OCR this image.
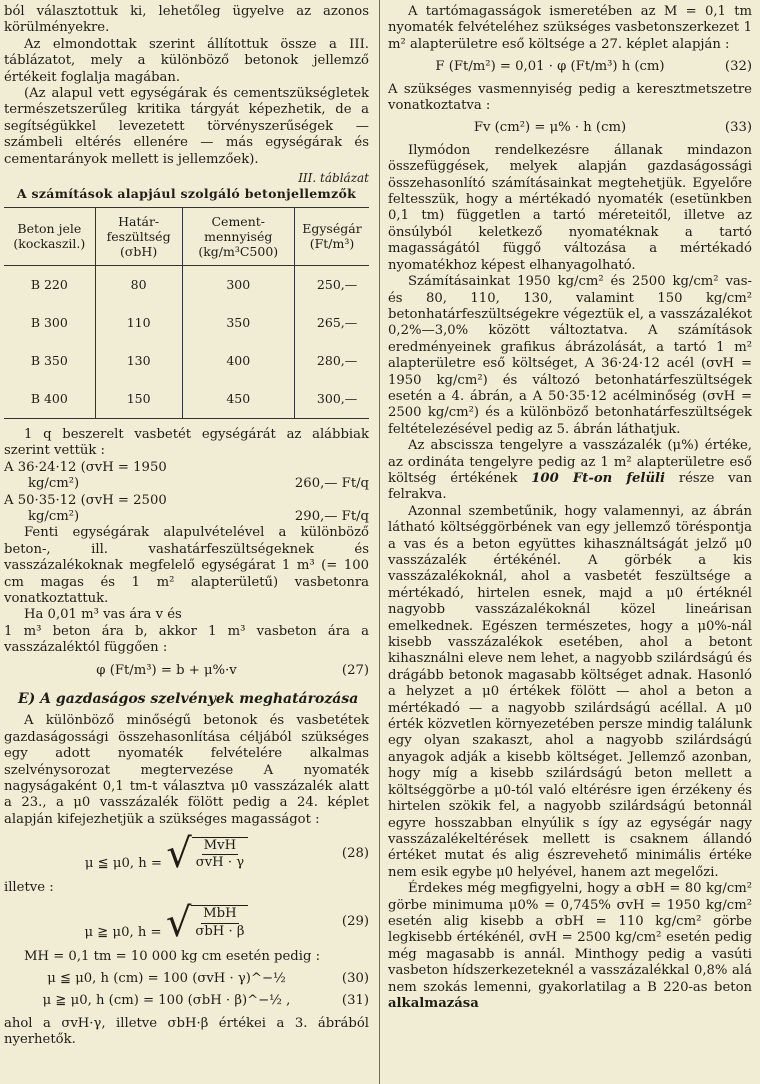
ból választottuk ki, lehetőleg ügyelve az azonos körülményekre.

Az elmondottak szerint állítottuk össze a III. táblázatot, mely a különböző betonok jellemző értékeit foglalja magában.

(Az alapul vett egységárak és cementszükségletek természetszerűleg kritika tárgyát képezhetik, de a segítségükkel levezetett törvényszerűségek — számbeli eltérés ellenére — más egységárak és cementarányok mellett is jellemzőek).

III. táblázat
A számítások alapjául szolgáló betonjellemzők
Beton jele (kockaszil.)	Határ-feszültség (σbH)	Cement-mennyiség (kg/m³C500)	Egységár (Ft/m³)
B 220	80	300	250,—
B 300	110	350	265,—
B 350	130	400	280,—
B 400	150	450	300,—

1 q beszerelt vasbetét egységárát az alábbiak szerint vettük :

A 36·24·12 (σvH = 1950
kg/cm²)	260,— Ft/q
A 50·35·12 (σvH = 2500
kg/cm²)	290,— Ft/q

Fenti egységárak alapulvételével a különböző beton-, ill. vashatárfeszültségeknek és vasszázalékoknak megfelelő egységárat 1 m³ (= 100 cm magas és 1 m² alapterületű) vasbetonra vonatkoztattuk.

Ha 0,01 m³ vas ára v és

1 m³ beton ára b, akkor 1 m³ vasbeton ára a vasszázaléktól függően :

φ (Ft/m³) = b + μ%·v	(27)
E) A gazdaságos szelvények meghatározása

A különböző minőségű betonok és vasbetétek gazdaságossági összehasonlítása céljából szükséges egy adott nyomaték felvételére alkalmas szelvénysorozat megtervezése A nyomaték nagyságaként 0,1 tm-t választva μ0 vasszázalék alatt a 23., a μ0 vasszázalék fölött pedig a 24. képlet alapján kifejezhetjük a szükséges magasságot :

μ ≦ μ0, h = √ $\frac{\text{MvH}}{\text{σvH · γ}}$	(28)

illetve :

μ ≧ μ0, h = √ $\frac{\text{MbH}}{\text{σbH · β}}$	(29)

MH = 0,1 tm = 10 000 kg cm esetén pedig :

μ ≦ μ0, h (cm) = 100 (σvH · γ)^−½	(30)
μ ≧ μ0, h (cm) = 100 (σbH · β)^−½ ,	(31)

ahol a σvH·γ, illetve σbH·β értékei a 3. ábrából nyerhetők.

A tartómagasságok ismeretében az M = 0,1 tm nyomaték felvételéhez szükséges vasbetonszerkezet 1 m² alapterületre eső költsége a 27. képlet alapján :

F (Ft/m²) = 0,01 · φ (Ft/m³) h (cm)	(32)

A szükséges vasmennyiség pedig a keresztmetszetre vonatkoztatva :

Fv (cm²) = μ% · h (cm)	(33)

Ilymódon rendelkezésre állanak mindazon összefüggések, melyek alapján gazdaságossági összehasonlító számításainkat megtehetjük. Egyelőre feltesszük, hogy a mértékadó nyomaték (esetünkben 0,1 tm) független a tartó méreteitől, illetve az önsúlyból keletkező nyomatéknak a tartó magasságától függő változása a mértékadó nyomatékhoz képest elhanyagolható.

Számításainkat 1950 kg/cm² és 2500 kg/cm² vas- és 80, 110, 130, valamint 150 kg/cm² betonhatárfeszültségekre végeztük el, a vasszázalékot 0,2%—3,0% között változtatva. A számítások eredményeinek grafikus ábrázolását, a tartó 1 m² alapterületre eső költséget, A 36·24·12 acél (σvH = 1950 kg/cm²) és változó betonhatárfeszültségek esetén a 4. ábrán, a A 50·35·12 acélminőség (σvH = 2500 kg/cm²) és a különböző betonhatárfeszültségek feltételezésével pedig az 5. ábrán láthatjuk.

Az abscissza tengelyre a vasszázalék (μ%) értéke, az ordináta tengelyre pedig az 1 m² alapterületre eső költség értékének 100 Ft-on felüli része van felrakva.

Azonnal szembetűnik, hogy valamennyi, az ábrán látható költséggörbének van egy jellemző töréspontja a vas és a beton együttes kihasználtságát jelző μ0 vasszázalék értékénél. A görbék a kis vasszázalékoknál, ahol a vasbetét feszültsége a mértékadó, hirtelen esnek, majd a μ0 értéknél nagyobb vasszázalékoknál közel lineárisan emelkednek. Egészen természetes, hogy a μ0%-nál kisebb vasszázalékok esetében, ahol a betont kihasználni eleve nem lehet, a nagyobb szilárdságú és drágább betonok magasabb költséget adnak. Hasonló a helyzet a μ0 értékek fölött — ahol a beton a mértékadó — a nagyobb szilárdságú acéllal. A μ0 érték közvetlen környezetében persze mindig találunk egy olyan szakaszt, ahol a nagyobb szilárdságú anyagok adják a kisebb költséget. Jellemző azonban, hogy míg a kisebb szilárdságú beton mellett a költséggörbe a μ0-tól való eltérésre igen érzékeny és hirtelen szökik fel, a nagyobb szilárdságú betonnál egyre hosszabban elnyúlik s így az egységár nagy vasszázalékeltérések mellett is csaknem állandó értéket mutat és alig észrevehető minimális értéke nem esik egybe μ0 helyével, hanem azt megelőzi.

Érdekes még megfigyelni, hogy a σbH = 80 kg/cm² görbe minimuma μ0% = 0,745% σvH = 1950 kg/cm² esetén alig kisebb a σbH = 110 kg/cm² görbe legkisebb értékénél, σvH = 2500 kg/cm² esetén pedig még magasabb is annál. Minthogy pedig a vasúti vasbeton hídszerkezeteknél a vasszázalékkal 0,8% alá nem szokás lemenni, gyakorlatilag a B 220-as beton alkalmazása
